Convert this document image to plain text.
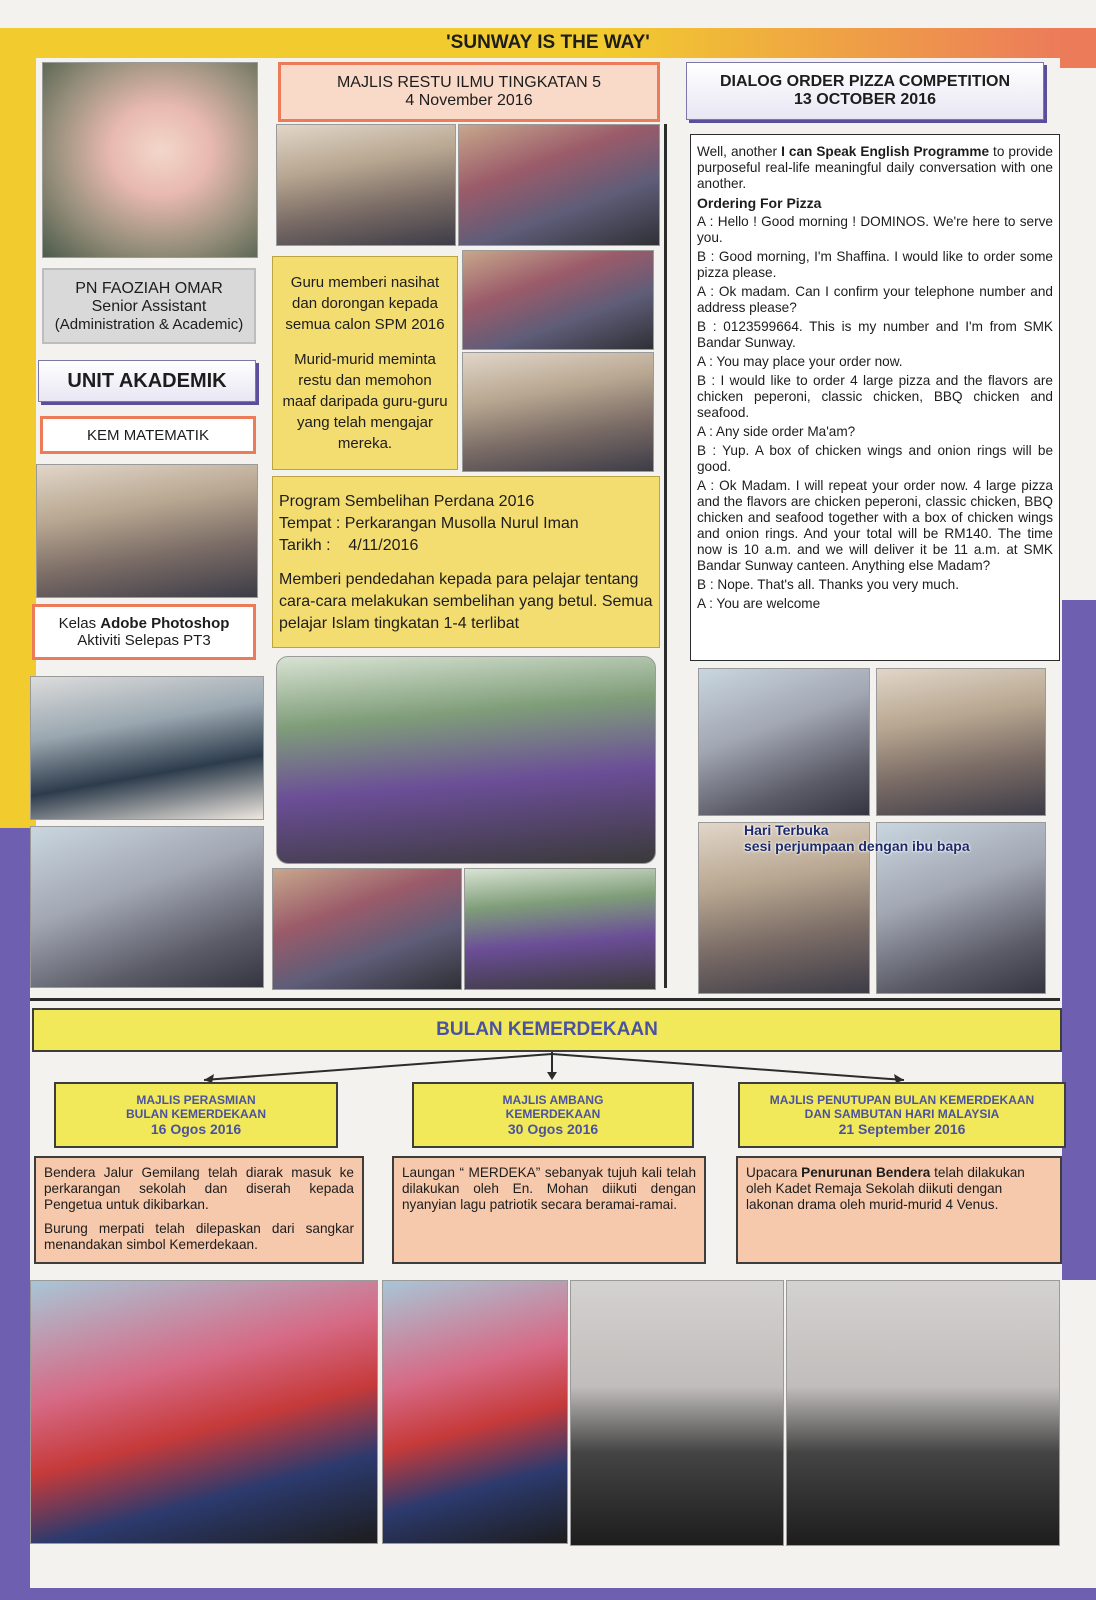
'SUNWAY IS THE WAY'
PN FAOZIAH OMAR
Senior Assistant
(Administration & Academic)
UNIT AKADEMIK
KEM MATEMATIK
Kelas Adobe Photoshop
Aktiviti Selepas PT3
MAJLIS RESTU ILMU TINGKATAN 5
4 November 2016
Guru memberi nasihat dan dorongan kepada semua calon SPM 2016
Murid-murid meminta restu dan memohon maaf daripada guru-guru yang telah mengajar mereka.
Program Sembelihan Perdana 2016
Tempat : Perkarangan Musolla Nurul Iman
Tarikh :    4/11/2016
Memberi pendedahan kepada para pelajar tentang cara-cara melakukan sembelihan yang betul. Semua pelajar Islam tingkatan 1-4 terlibat
DIALOG ORDER PIZZA COMPETITION
13 OCTOBER 2016

Well, another I can Speak English Programme to provide purposeful real-life meaningful daily conversation with one another.

Ordering For Pizza

A : Hello ! Good morning ! DOMINOS. We're here to serve you.

B : Good morning, I'm Shaffina. I would like to order some pizza please.

A : Ok madam. Can I confirm your telephone number and address please?

B : 0123599664. This is my number and I'm from SMK Bandar Sunway.

A : You may place your order now.

B : I would like to order 4 large pizza and the flavors are chicken peperoni, classic chicken, BBQ chicken and seafood.

A : Any side order Ma'am?

B : Yup. A box of chicken wings and onion rings will be good.

A : Ok Madam. I will repeat your order now. 4 large pizza and the flavors are chicken peperoni, classic chicken, BBQ chicken and seafood together with a box of chicken wings and onion rings. And your total will be RM140. The time now is 10 a.m. and we will deliver it be 11 a.m. at SMK Bandar Sunway canteen. Anything else Madam?

B : Nope. That's all. Thanks you very much.

A : You are welcome

Hari Terbuka
sesi perjumpaan dengan ibu bapa
BULAN KEMERDEKAAN
MAJLIS PERASMIAN
BULAN KEMERDEKAAN
16 Ogos 2016

Bendera Jalur Gemilang telah diarak masuk ke perkarangan sekolah dan diserah kepada Pengetua untuk dikibarkan.

Burung merpati telah dilepaskan dari sangkar menandakan simbol Kemerdekaan.

MAJLIS AMBANG
KEMERDEKAAN
30 Ogos 2016

Laungan “ MERDEKA” sebanyak tujuh kali telah dilakukan oleh En. Mohan diikuti dengan nyanyian lagu patriotik secara beramai-ramai.

MAJLIS PENUTUPAN BULAN KEMERDEKAAN
DAN SAMBUTAN HARI MALAYSIA
21 September 2016

Upacara Penurunan Bendera telah dilakukan oleh Kadet Remaja Sekolah diikuti dengan lakonan drama oleh murid-murid 4 Venus.
